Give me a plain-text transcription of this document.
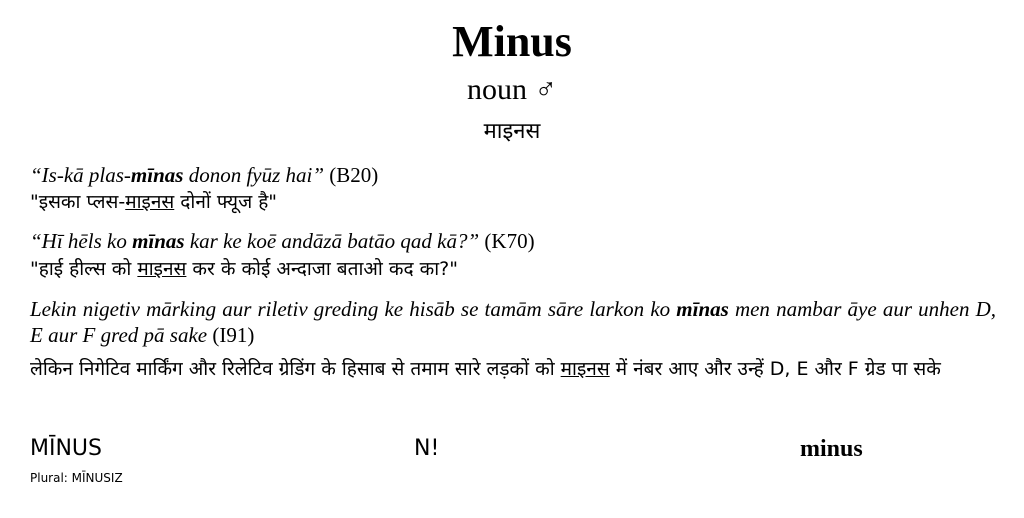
Minus
noun ♂
माइनस
“Is-kā plas-mīnas donon fyūz hai” (B20)
"इसका प्लस-माइनस दोनों फ्यूज है"
“Hī hēls ko mīnas kar ke koē andāzā batāo qad kā?” (K70)
"हाई हील्स को माइनस कर के कोई अन्दाजा बताओ कद का?"
Lekin nigetiv mārking aur riletiv greding ke hisāb se tamām sāre larkon ko mīnas men nambar āye aur unhen D, E aur F gred pā sake (I91)
लेकिन निगेटिव मार्किंग और रिलेटिव ग्रेडिंग के हिसाब से तमाम सारे लड़कों को माइनस में नंबर आए और उन्हें D, E और F ग्रेड पा सके
MĪNUS	N!	minus
Plural: MĪNUSIZ
